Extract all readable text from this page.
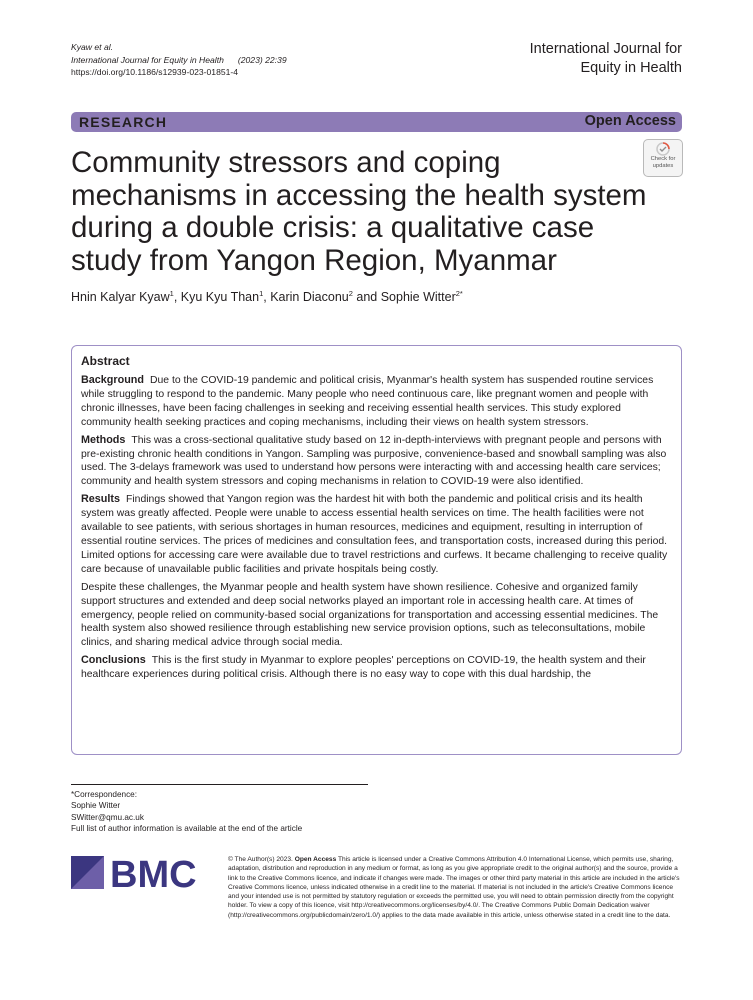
Kyaw et al.
International Journal for Equity in Health (2023) 22:39
https://doi.org/10.1186/s12939-023-01851-4
International Journal for
Equity in Health
RESEARCH	Open Access
Check for
updates
Community stressors and coping mechanisms in accessing the health system during a double crisis: a qualitative case study from Yangon Region, Myanmar
Hnin Kalyar Kyaw$^1$, Kyu Kyu Than$^1$, Karin Diaconu$^2$ and Sophie Witter$^{2*}$
Abstract

Background Due to the COVID-19 pandemic and political crisis, Myanmar's health system has suspended routine services while struggling to respond to the pandemic. Many people who need continuous care, like pregnant women and people with chronic illnesses, have been facing challenges in seeking and receiving essential health services. This study explored community health seeking practices and coping mechanisms, including their views on health system stressors.

Methods This was a cross-sectional qualitative study based on 12 in-depth-interviews with pregnant people and persons with pre-existing chronic health conditions in Yangon. Sampling was purposive, convenience-based and snowball sampling was also used. The 3-delays framework was used to understand how persons were interacting with and accessing health care services; community and health system stressors and coping mechanisms in relation to COVID-19 were also identified.

Results Findings showed that Yangon region was the hardest hit with both the pandemic and political crisis and its health system was greatly affected. People were unable to access essential health services on time. The health facilities were not available to see patients, with serious shortages in human resources, medicines and equipment, resulting in interruption of essential routine services. The prices of medicines and consultation fees, and transportation costs, increased during this period. Limited options for accessing care were available due to travel restrictions and curfews. It became challenging to receive quality care because of unavailable public facilities and private hospitals being costly.

Despite these challenges, the Myanmar people and health system have shown resilience. Cohesive and organized family support structures and extended and deep social networks played an important role in accessing health care. At times of emergency, people relied on community-based social organizations for transportation and accessing essential medicines. The health system also showed resilience through establishing new service provision options, such as teleconsultations, mobile clinics, and sharing medical advice through social media.

Conclusions This is the first study in Myanmar to explore peoples' perceptions on COVID-19, the health system and their healthcare experiences during political crisis. Although there is no easy way to cope with this dual hardship, the

*Correspondence:
Sophie Witter
SWitter@qmu.ac.uk
Full list of author information is available at the end of the article
BMC	© The Author(s) 2023. Open Access This article is licensed under a Creative Commons Attribution 4.0 International License, which permits use, sharing, adaptation, distribution and reproduction in any medium or format, as long as you give appropriate credit to the original author(s) and the source, provide a link to the Creative Commons licence, and indicate if changes were made. The images or other third party material in this article are included in the article's Creative Commons licence, unless indicated otherwise in a credit line to the material. If material is not included in the article's Creative Commons licence and your intended use is not permitted by statutory regulation or exceeds the permitted use, you will need to obtain permission directly from the copyright holder. To view a copy of this licence, visit http://creativecommons.org/licenses/by/4.0/. The Creative Commons Public Domain Dedication waiver (http://creativecommons.org/publicdomain/zero/1.0/) applies to the data made available in this article, unless otherwise stated in a credit line to the data.
